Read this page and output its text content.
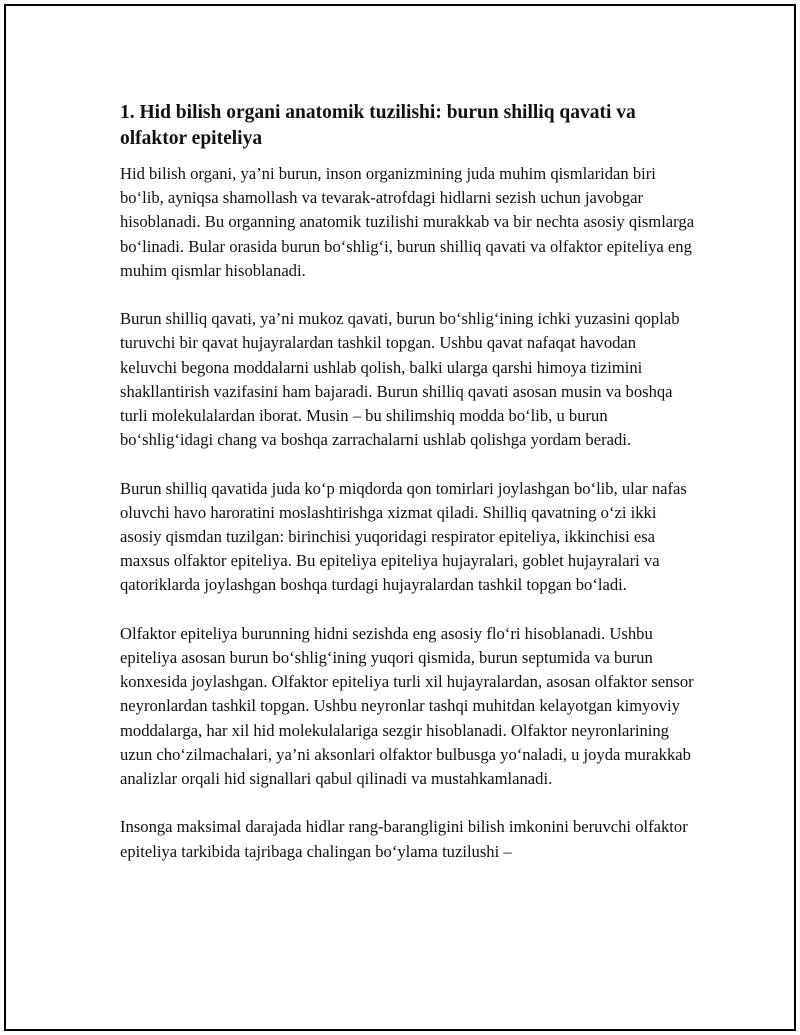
1. Hid bilish organi anatomik tuzilishi: burun shilliq qavati va olfaktor epiteliya

Hid bilish organi, ya’ni burun, inson organizmining juda muhim qismlaridan biri bo‘lib, ayniqsa shamollash va tevarak-atrofdagi hidlarni sezish uchun javobgar hisoblanadi. Bu organning anatomik tuzilishi murakkab va bir nechta asosiy qismlarga bo‘linadi. Bular orasida burun bo‘shlig‘i, burun shilliq qavati va olfaktor epiteliya eng muhim qismlar hisoblanadi.

Burun shilliq qavati, ya’ni mukoz qavati, burun bo‘shlig‘ining ichki yuzasini qoplab turuvchi bir qavat hujayralardan tashkil topgan. Ushbu qavat nafaqat havodan keluvchi begona moddalarni ushlab qolish, balki ularga qarshi himoya tizimini shakllantirish vazifasini ham bajaradi. Burun shilliq qavati asosan musin va boshqa turli molekulalardan iborat. Musin – bu shilimshiq modda bo‘lib, u burun bo‘shlig‘idagi chang va boshqa zarrachalarni ushlab qolishga yordam beradi.

Burun shilliq qavatida juda ko‘p miqdorda qon tomirlari joylashgan bo‘lib, ular nafas oluvchi havo haroratini moslashtirishga xizmat qiladi. Shilliq qavatning o‘zi ikki asosiy qismdan tuzilgan: birinchisi yuqoridagi respirator epiteliya, ikkinchisi esa maxsus olfaktor epiteliya. Bu epiteliya epiteliya hujayralari, goblet hujayralari va qatoriklarda joylashgan boshqa turdagi hujayralardan tashkil topgan bo‘ladi.

Olfaktor epiteliya burunning hidni sezishda eng asosiy flo‘ri hisoblanadi. Ushbu epiteliya asosan burun bo‘shlig‘ining yuqori qismida, burun septumida va burun konxesida joylashgan. Olfaktor epiteliya turli xil hujayralardan, asosan olfaktor sensor neyronlardan tashkil topgan. Ushbu neyronlar tashqi muhitdan kelayotgan kimyoviy moddalarga, har xil hid molekulalariga sezgir hisoblanadi. Olfaktor neyronlarining uzun cho‘zilmachalari, ya’ni aksonlari olfaktor bulbusga yo‘naladi, u joyda murakkab analizlar orqali hid signallari qabul qilinadi va mustahkamlanadi.

Insonga maksimal darajada hidlar rang-barangligini bilish imkonini beruvchi olfaktor epiteliya tarkibida tajribaga chalingan bo‘ylama tuzilushi –
